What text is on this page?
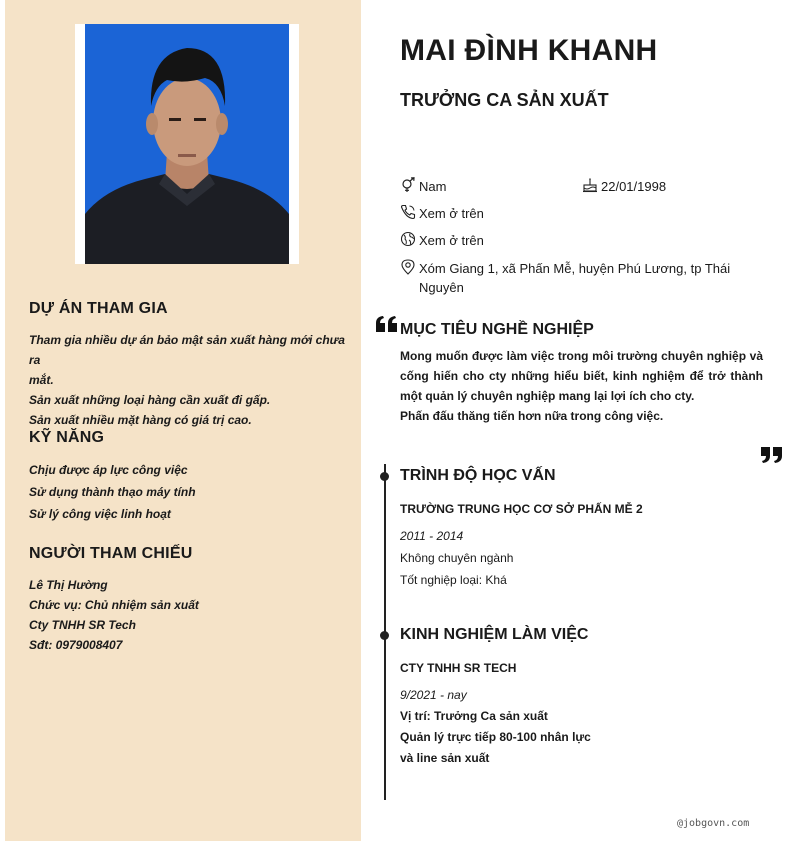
DỰ ÁN THAM GIA
Tham gia nhiều dự án bảo mật sản xuất hàng mới chưa ra
mắt.
Sản xuất những loại hàng cần xuất đi gấp.
Sản xuất nhiều mặt hàng có giá trị cao.
KỸ NĂNG
Chịu được áp lực công việc
Sử dụng thành thạo máy tính
Sử lý công việc linh hoạt
NGƯỜI THAM CHIẾU
Lê Thị Hường
Chức vụ: Chủ nhiệm sản xuất
Cty TNHH SR Tech
Sđt: 0979008407
MAI ĐÌNH KHANH
TRƯỞNG CA SẢN XUẤT
Nam	22/01/1998
Xem ở trên
Xem ở trên
Xóm Giang 1, xã Phấn Mễ, huyện Phú Lương, tp Thái
Nguyên
MỤC TIÊU NGHỀ NGHIỆP

Mong muốn được làm việc trong môi trường chuyên nghiệp và cống hiến cho cty những hiểu biết, kinh nghiệm để trở thành một quản lý chuyên nghiệp mang lại lợi ích cho cty.

Phấn đấu thăng tiến hơn nữa trong công việc.

TRÌNH ĐỘ HỌC VẤN

TRƯỜNG TRUNG HỌC CƠ SỞ PHẤN MỄ 2

2011 - 2014

Không chuyên ngành

Tốt nghiệp loại: Khá

KINH NGHIỆM LÀM VIỆC

CTY TNHH SR TECH

9/2021 - nay

Vị trí: Trưởng Ca sản xuất

Quản lý trực tiếp 80-100 nhân lực

và line sản xuất

@jobgovn.com
